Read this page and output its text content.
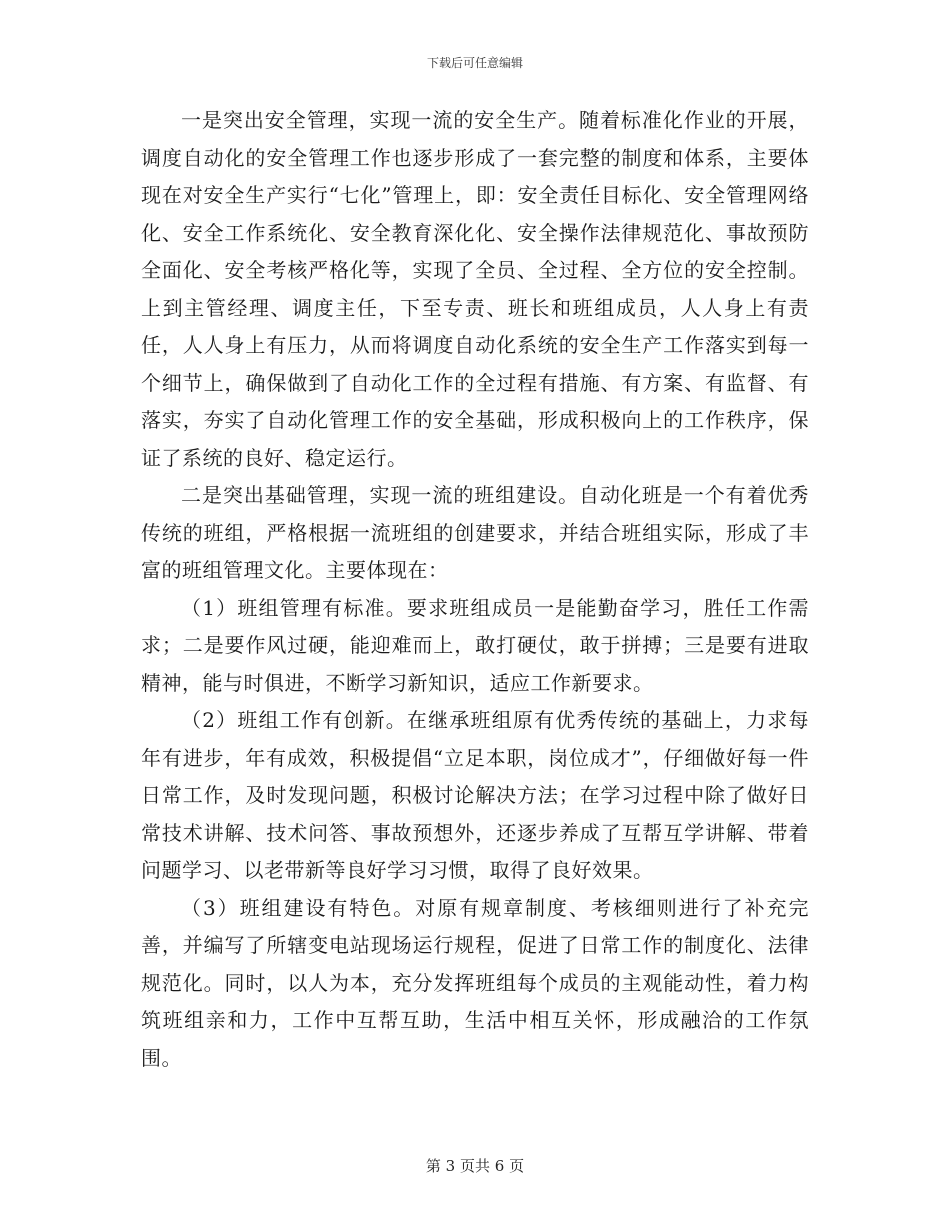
下载后可任意编辑

一是突出安全管理，实现一流的安全生产。随着标准化作业的开展，调度自动化的安全管理工作也逐步形成了一套完整的制度和体系，主要体现在对安全生产实行“七化”管理上，即：安全责任目标化、安全管理网络化、安全工作系统化、安全教育深化化、安全操作法律规范化、事故预防全面化、安全考核严格化等，实现了全员、全过程、全方位的安全控制。上到主管经理、调度主任，下至专责、班长和班组成员，人人身上有责任，人人身上有压力，从而将调度自动化系统的安全生产工作落实到每一个细节上，确保做到了自动化工作的全过程有措施、有方案、有监督、有落实，夯实了自动化管理工作的安全基础，形成积极向上的工作秩序，保证了系统的良好、稳定运行。

二是突出基础管理，实现一流的班组建设。自动化班是一个有着优秀传统的班组，严格根据一流班组的创建要求，并结合班组实际，形成了丰富的班组管理文化。主要体现在：

（1）班组管理有标准。要求班组成员一是能勤奋学习，胜任工作需求；二是要作风过硬，能迎难而上，敢打硬仗，敢于拼搏；三是要有进取精神，能与时俱进，不断学习新知识，适应工作新要求。

（2）班组工作有创新。在继承班组原有优秀传统的基础上，力求每年有进步，年有成效，积极提倡“立足本职，岗位成才”，仔细做好每一件日常工作，及时发现问题，积极讨论解决方法；在学习过程中除了做好日常技术讲解、技术问答、事故预想外，还逐步养成了互帮互学讲解、带着问题学习、以老带新等良好学习习惯，取得了良好效果。

（3）班组建设有特色。对原有规章制度、考核细则进行了补充完善，并编写了所辖变电站现场运行规程，促进了日常工作的制度化、法律规范化。同时，以人为本，充分发挥班组每个成员的主观能动性，着力构筑班组亲和力，工作中互帮互助，生活中相互关怀，形成融洽的工作氛围。

第 3 页共 6 页
